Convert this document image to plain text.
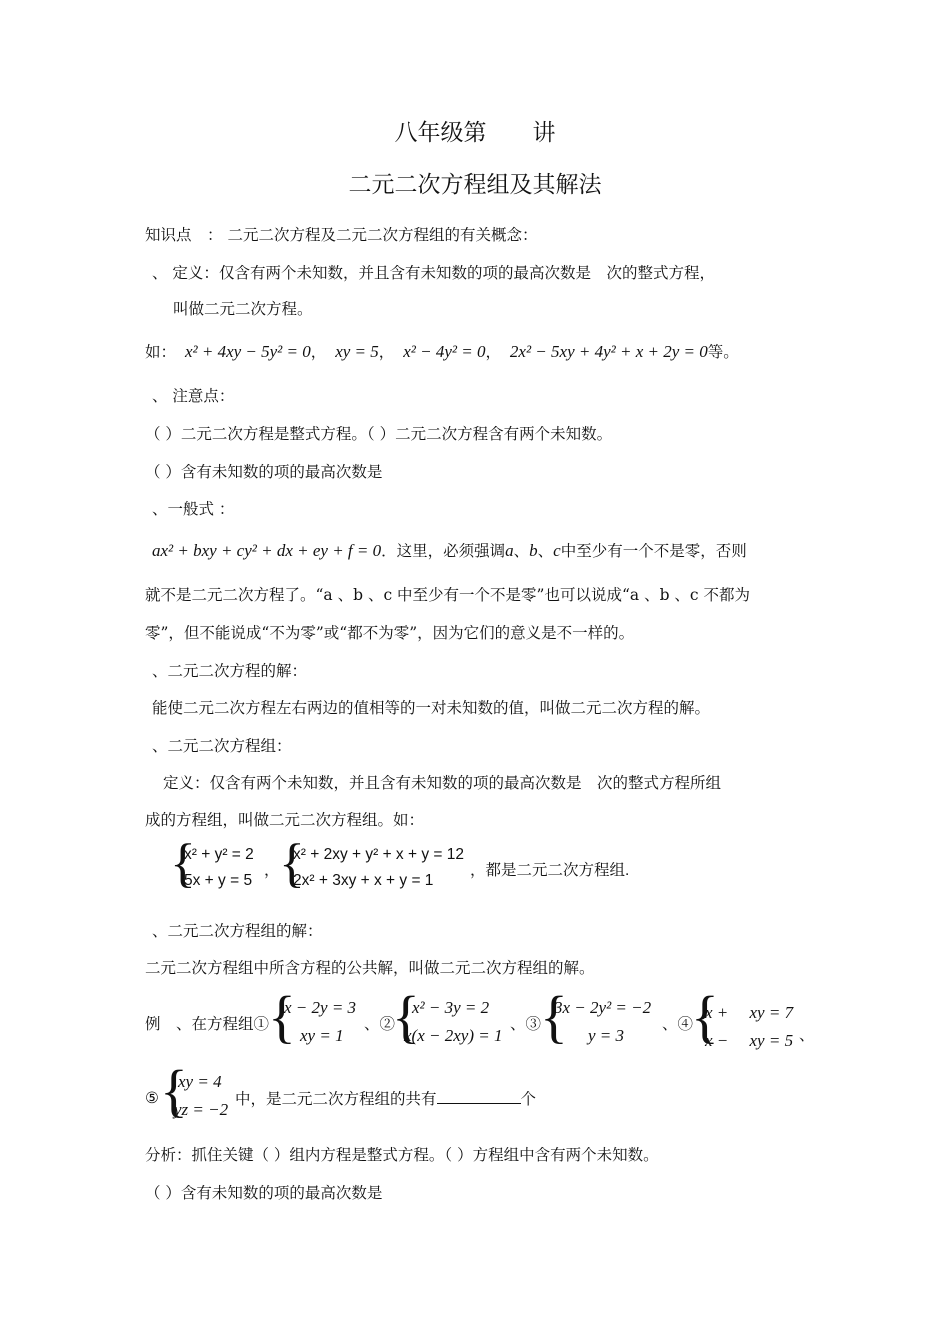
八年级第　　讲
二元二次方程组及其解法
知识点　： 二元二次方程及二元二次方程组的有关概念：
、 定义：仅含有两个未知数，并且含有未知数的项的最高次数是　次的整式方程，
叫做二元二次方程。
如： x² + 4xy − 5y² = 0， xy = 5， x² − 4y² = 0， 2x² − 5xy + 4y² + x + 2y = 0等。
、 注意点：
（ ）二元二次方程是整式方程。（ ）二元二次方程含有两个未知数。
（ ）含有未知数的项的最高次数是
、一般式 ：
ax² + bxy + cy² + dx + ey + f = 0．这里，必须强调a、b、c中至少有一个不是零，否则
就不是二元二次方程了。“a 、b 、c 中至少有一个不是零”也可以说成“a 、b 、c 不都为
零”，但不能说成“不为零”或“都不为零”，因为它们的意义是不一样的。
、二元二次方程的解：
能使二元二次方程左右两边的值相等的一对未知数的值，叫做二元二次方程的解。
、二元二次方程组：
定义：仅含有两个未知数，并且含有未知数的项的最高次数是　次的整式方程所组
成的方程组，叫做二元二次方程组。如：
{
x² + y² = 2
5x + y = 5
， {
x² + 2xy + y² + x + y = 12
2x² + 3xy + x + y = 1
，都是二元二次方程组.
、二元二次方程组的解：
二元二次方程组中所含方程的公共解，叫做二元二次方程组的解。
例　、在方程组①
{
x − 2y = 3
xy = 1
、②
{
x² − 3y = 2
x(x − 2xy) = 1
、③
{
3x − 2y² = −2
y = 3
、④
{
x +　 xy = 7
x −　 xy = 5 、
⑤ {
xy = 4
yz = −2
中，是二元二次方程组的共有	个
分析：抓住关键（ ）组内方程是整式方程。（ ）方程组中含有两个未知数。
（ ）含有未知数的项的最高次数是
